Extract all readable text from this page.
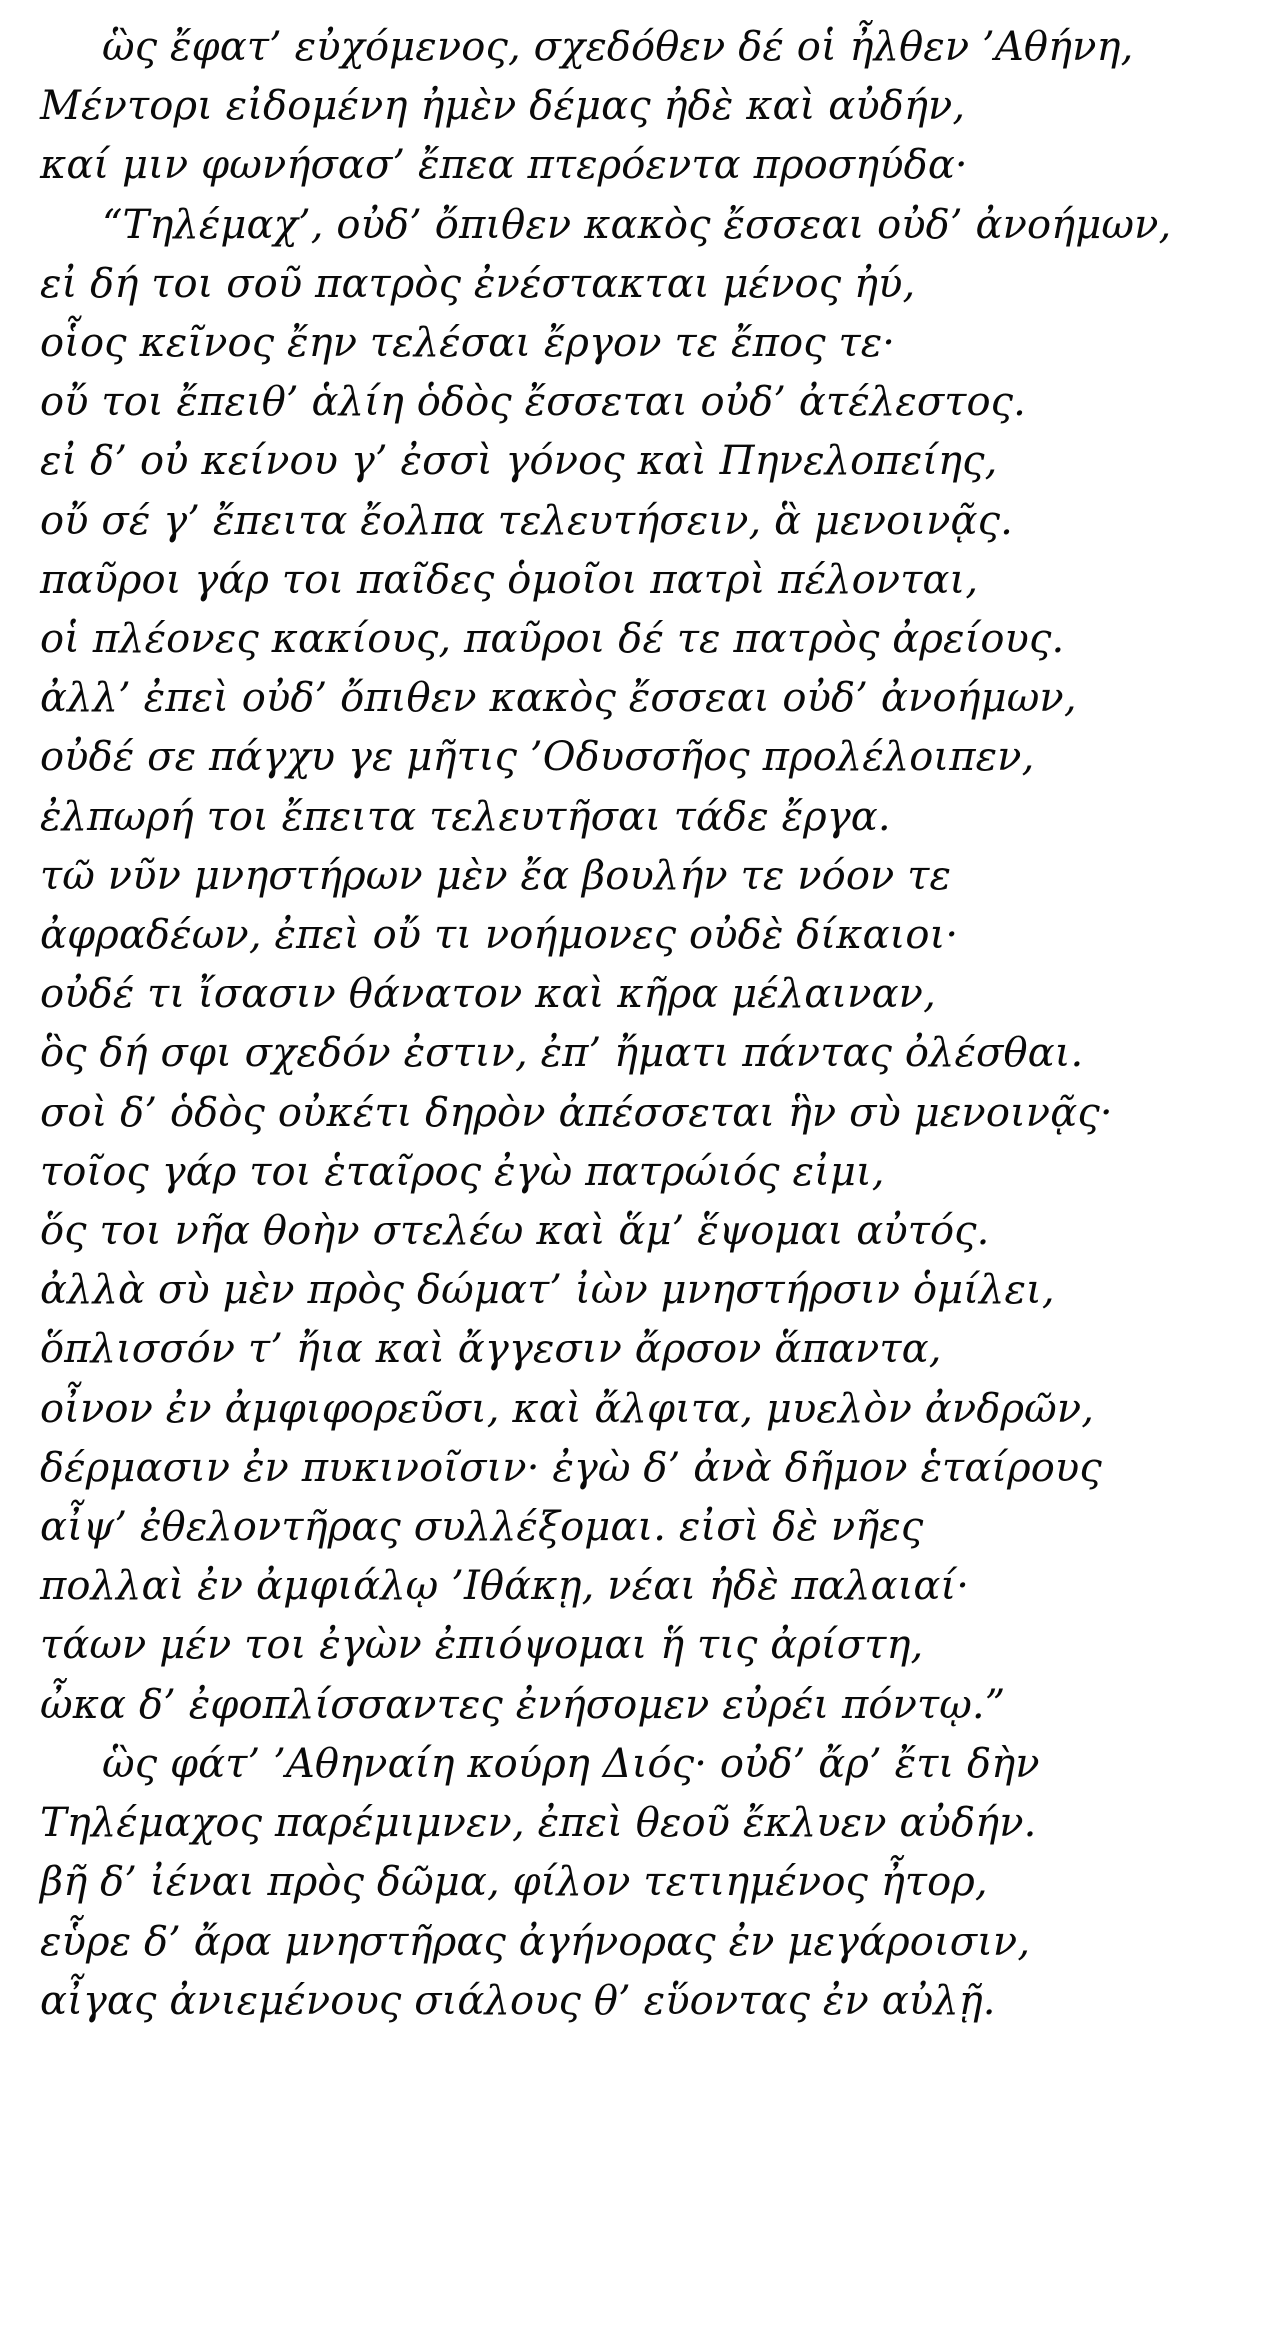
ὣς ἔφατ’ εὐχόμενος, σχεδόθεν δέ οἱ ἦλθεν ’Αθήνη,
Μέντορι εἰδομένη ἠμὲν δέμας ἠδὲ καὶ αὐδήν,
καί μιν φωνήσασ’ ἔπεα πτερόεντα προσηύδα·
“Τηλέμαχ’, οὐδ’ ὄπιθεν κακὸς ἔσσεαι οὐδ’ ἀνοήμων,
εἰ δή τοι σοῦ πατρὸς ἐνέστακται μένος ἠύ,
οἷος κεῖνος ἔην τελέσαι ἔργον τε ἔπος τε·
οὔ τοι ἔπειθ’ ἁλίη ὁδὸς ἔσσεται οὐδ’ ἀτέλεστος.
εἰ δ’ οὐ κείνου γ’ ἐσσὶ γόνος καὶ Πηνελοπείης,
οὔ σέ γ’ ἔπειτα ἔολπα τελευτήσειν, ἃ μενοινᾷς.
παῦροι γάρ τοι παῖδες ὁμοῖοι πατρὶ πέλονται,
οἱ πλέονες κακίους, παῦροι δέ τε πατρὸς ἀρείους.
ἀλλ’ ἐπεὶ οὐδ’ ὄπιθεν κακὸς ἔσσεαι οὐδ’ ἀνοήμων,
οὐδέ σε πάγχυ γε μῆτις ’Οδυσσῆος προλέλοιπεν,
ἐλπωρή τοι ἔπειτα τελευτῆσαι τάδε ἔργα.
τῶ νῦν μνηστήρων μὲν ἔα βουλήν τε νόον τε
ἀφραδέων, ἐπεὶ οὔ τι νοήμονες οὐδὲ δίκαιοι·
οὐδέ τι ἴσασιν θάνατον καὶ κῆρα μέλαιναν,
ὃς δή σφι σχεδόν ἐστιν, ἐπ’ ἤματι πάντας ὀλέσθαι.
σοὶ δ’ ὁδὸς οὐκέτι δηρὸν ἀπέσσεται ἣν σὺ μενοινᾷς·
τοῖος γάρ τοι ἑταῖρος ἐγὼ πατρώιός εἰμι,
ὅς τοι νῆα θοὴν στελέω καὶ ἅμ’ ἕψομαι αὐτός.
ἀλλὰ σὺ μὲν πρὸς δώματ’ ἰὼν μνηστήρσιν ὁμίλει,
ὅπλισσόν τ’ ἤια καὶ ἄγγεσιν ἄρσον ἅπαντα,
οἶνον ἐν ἀμφιφορεῦσι, καὶ ἄλφιτα, μυελὸν ἀνδρῶν,
δέρμασιν ἐν πυκινοῖσιν· ἐγὼ δ’ ἀνὰ δῆμον ἑταίρους
αἶψ’ ἐθελοντῆρας συλλέξομαι. εἰσὶ δὲ νῆες
πολλαὶ ἐν ἀμφιάλῳ ’Ιθάκῃ, νέαι ἠδὲ παλαιαί·
τάων μέν τοι ἐγὼν ἐπιόψομαι ἥ τις ἀρίστη,
ὦκα δ’ ἐφοπλίσσαντες ἐνήσομεν εὐρέι πόντῳ.”
ὣς φάτ’ ’Αθηναίη κούρη Διός· οὐδ’ ἄρ’ ἔτι δὴν
Τηλέμαχος παρέμιμνεν, ἐπεὶ θεοῦ ἔκλυεν αὐδήν.
βῆ δ’ ἰέναι πρὸς δῶμα, φίλον τετιημένος ἦτορ,
εὗρε δ’ ἄρα μνηστῆρας ἀγήνορας ἐν μεγάροισιν,
αἶγας ἀνιεμένους σιάλους θ’ εὕοντας ἐν αὐλῇ.
